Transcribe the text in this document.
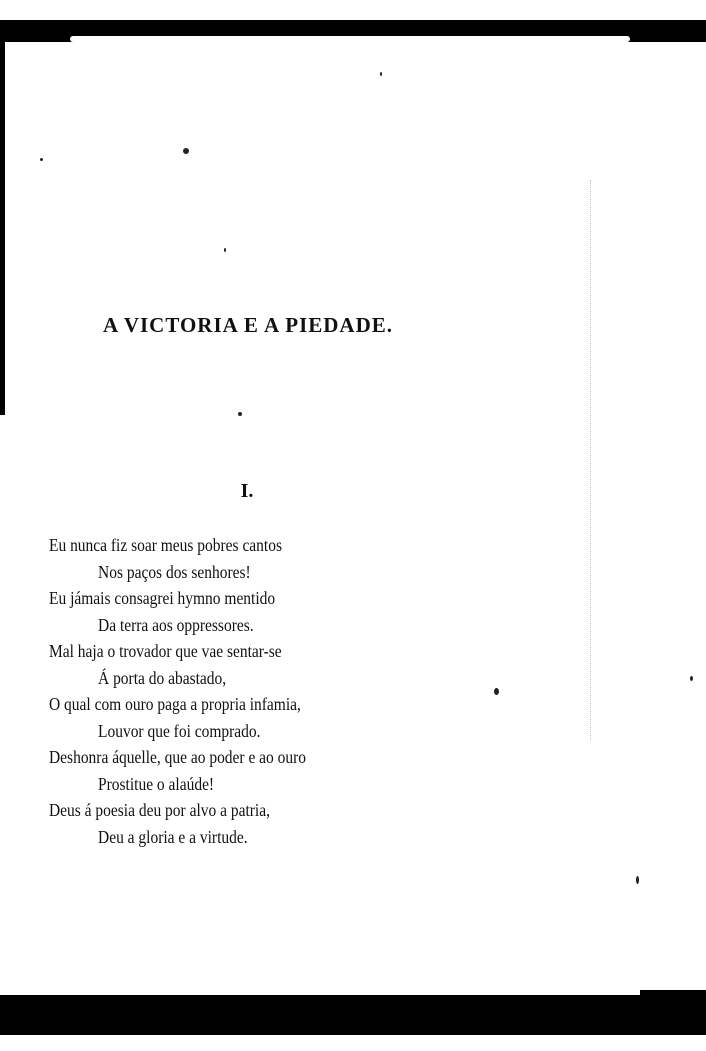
A VICTORIA E A PIEDADE.
I.
Eu nunca fiz soar meus pobres cantos
Nos paços dos senhores!
Eu jámais consagrei hymno mentido
Da terra aos oppressores.
Mal haja o trovador que vae sentar-se
Á porta do abastado,
O qual com ouro paga a propria infamia,
Louvor que foi comprado.
Deshonra áquelle, que ao poder e ao ouro
Prostitue o alaúde!
Deus á poesia deu por alvo a patria,
Deu a gloria e a virtude.
